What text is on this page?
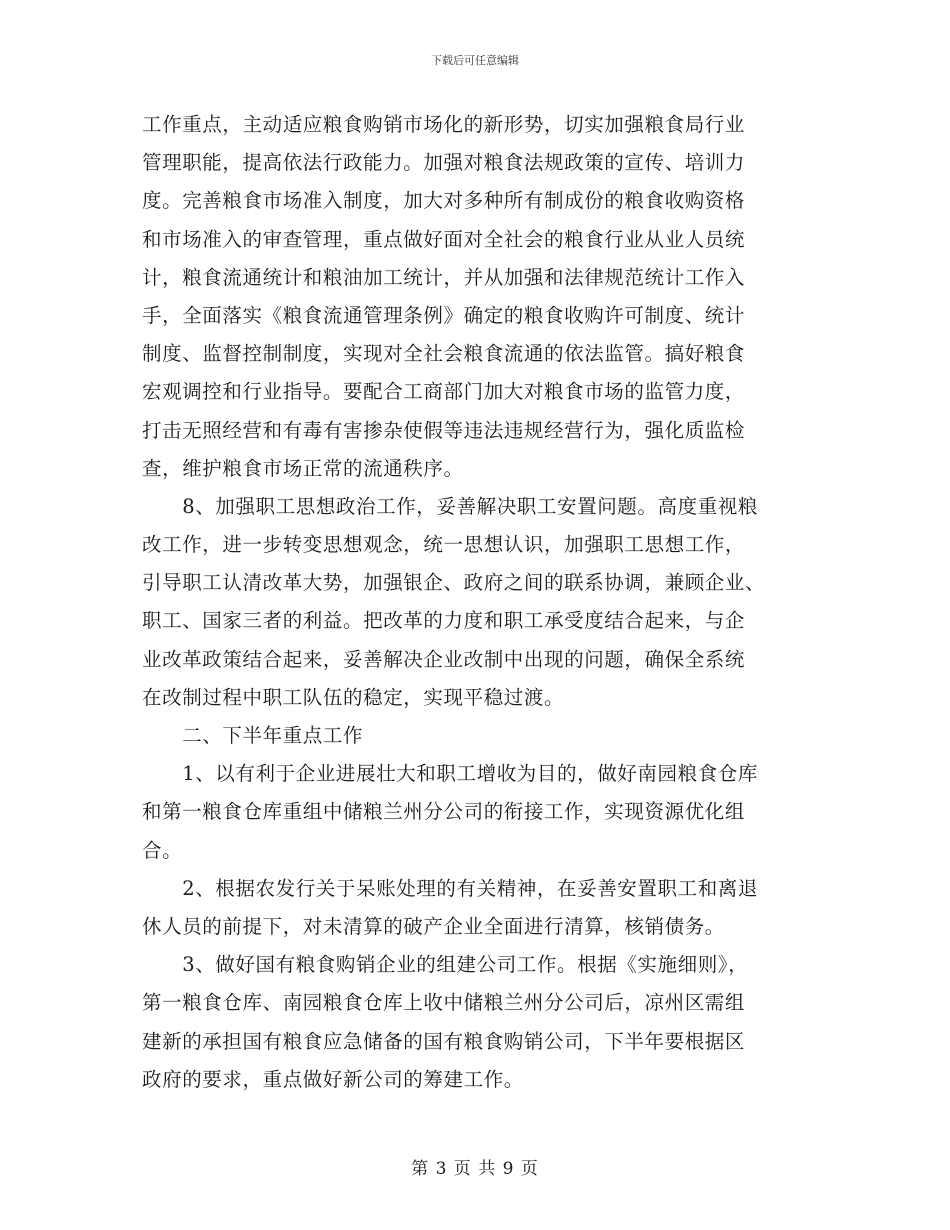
下载后可任意编辑
工作重点，主动适应粮食购销市场化的新形势，切实加强粮食局行业
管理职能，提高依法行政能力。加强对粮食法规政策的宣传、培训力
度。完善粮食市场准入制度，加大对多种所有制成份的粮食收购资格
和市场准入的审查管理，重点做好面对全社会的粮食行业从业人员统
计，粮食流通统计和粮油加工统计，并从加强和法律规范统计工作入
手，全面落实《粮食流通管理条例》确定的粮食收购许可制度、统计
制度、监督控制制度，实现对全社会粮食流通的依法监管。搞好粮食
宏观调控和行业指导。要配合工商部门加大对粮食市场的监管力度，
打击无照经营和有毒有害掺杂使假等违法违规经营行为，强化质监检
查，维护粮食市场正常的流通秩序。
　　8、加强职工思想政治工作，妥善解决职工安置问题。高度重视粮
改工作，进一步转变思想观念，统一思想认识，加强职工思想工作，
引导职工认清改革大势，加强银企、政府之间的联系协调，兼顾企业、
职工、国家三者的利益。把改革的力度和职工承受度结合起来，与企
业改革政策结合起来，妥善解决企业改制中出现的问题，确保全系统
在改制过程中职工队伍的稳定，实现平稳过渡。
　　二、下半年重点工作
　　1、以有利于企业进展壮大和职工增收为目的，做好南园粮食仓库
和第一粮食仓库重组中储粮兰州分公司的衔接工作，实现资源优化组
合。
　　2、根据农发行关于呆账处理的有关精神，在妥善安置职工和离退
休人员的前提下，对未清算的破产企业全面进行清算，核销债务。
　　3、做好国有粮食购销企业的组建公司工作。根据《实施细则》，
第一粮食仓库、南园粮食仓库上收中储粮兰州分公司后，凉州区需组
建新的承担国有粮食应急储备的国有粮食购销公司，下半年要根据区
政府的要求，重点做好新公司的筹建工作。
第 3 页 共 9 页
